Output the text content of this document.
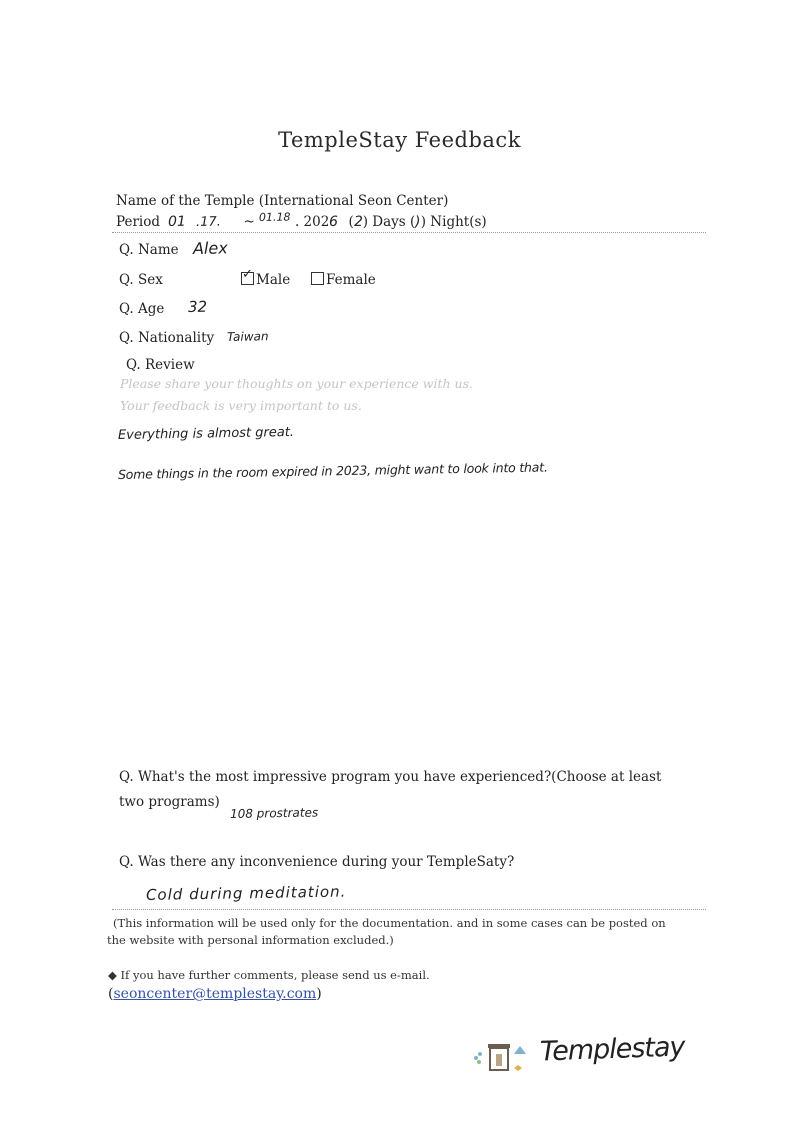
TempleStay Feedback
Name of the Temple (International Seon Center)
Period 01 .17. ~ 01.18 . 2026 (2) Days ()) Night(s)
Q. Name Alex
Q. Sex	✓ Male	Female
Q. Age 32
Q. Nationality Taiwan
Q. Review
Please share your thoughts on your experience with us.
Your feedback is very important to us.
Everything is almost great.
Some things in the room expired in 2023, might want to look into that.
Q. What's the most impressive program you have experienced?(Choose at least
two programs)
108 prostrates
Q. Was there any inconvenience during your TempleSaty?
Cold during meditation.
(This information will be used only for the documentation. and in some cases can be posted on
the website with personal information excluded.)
◆ If you have further comments, please send us e-mail.
(seoncenter@templestay.com)
Templestay
